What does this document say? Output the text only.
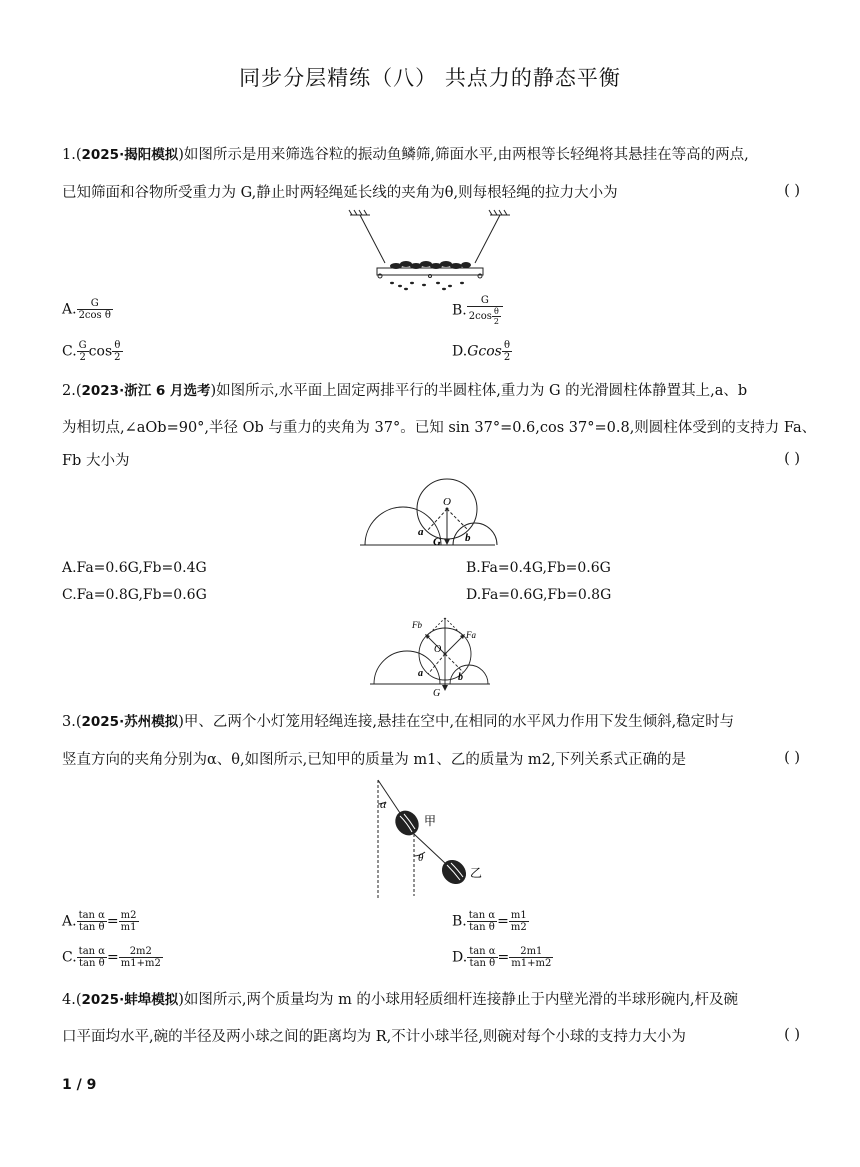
同步分层精练（八） 共点力的静态平衡
1.(2025·揭阳模拟)如图所示是用来筛选谷粒的振动鱼鳞筛,筛面水平,由两根等长轻绳将其悬挂在等高的两点,
已知筛面和谷物所受重力为 G,静止时两轻绳延长线的夹角为θ,则每根轻绳的拉力大小为	( )
A. $\frac{G}{\text{2cos θ}}$	B. $\frac{G}{2\cos \frac{\theta}{2}}$
C. $\frac{G}{2}$ $\cos \frac{\theta}{2}$	$D.Gcos \frac{\theta}{2}$
2.(2023·浙江 6 月选考)如图所示,水平面上固定两排平行的半圆柱体,重力为 G 的光滑圆柱体静置其上,a、b
为相切点,∠aOb=90°,半径 Ob 与重力的夹角为 37°。已知 sin 37°=0.6,cos 37°=0.8,则圆柱体受到的支持力 Fa、
Fb 大小为	( )
O
a	b
G
A.Fa=0.6G,Fb=0.4G	B.Fa=0.4G,Fb=0.6G
C.Fa=0.8G,Fb=0.6G	D.Fa=0.6G,Fb=0.8G
Fb
Fa
O
a	b
G
3.(2025·苏州模拟)甲、乙两个小灯笼用轻绳连接,悬挂在空中,在相同的水平风力作用下发生倾斜,稳定时与
竖直方向的夹角分别为α、θ,如图所示,已知甲的质量为 m1、乙的质量为 m2,下列关系式正确的是	( )
α
θ
甲
乙
A. $\frac{\text{tan α}}{\text{tan θ}} = \frac{m2}{m1}$	B. $\frac{\text{tan α}}{\text{tan θ}} = \frac{m1}{m2}$
C. $\frac{\text{tan α}}{\text{tan θ}} = \frac{2m2}{m1+m2}$	D. $\frac{\text{tan α}}{\text{tan θ}} = \frac{2m1}{m1+m2}$
4.(2025·蚌埠模拟)如图所示,两个质量均为 m 的小球用轻质细杆连接静止于内壁光滑的半球形碗内,杆及碗
口平面均水平,碗的半径及两小球之间的距离均为 R,不计小球半径,则碗对每个小球的支持力大小为	( )
1 / 9
